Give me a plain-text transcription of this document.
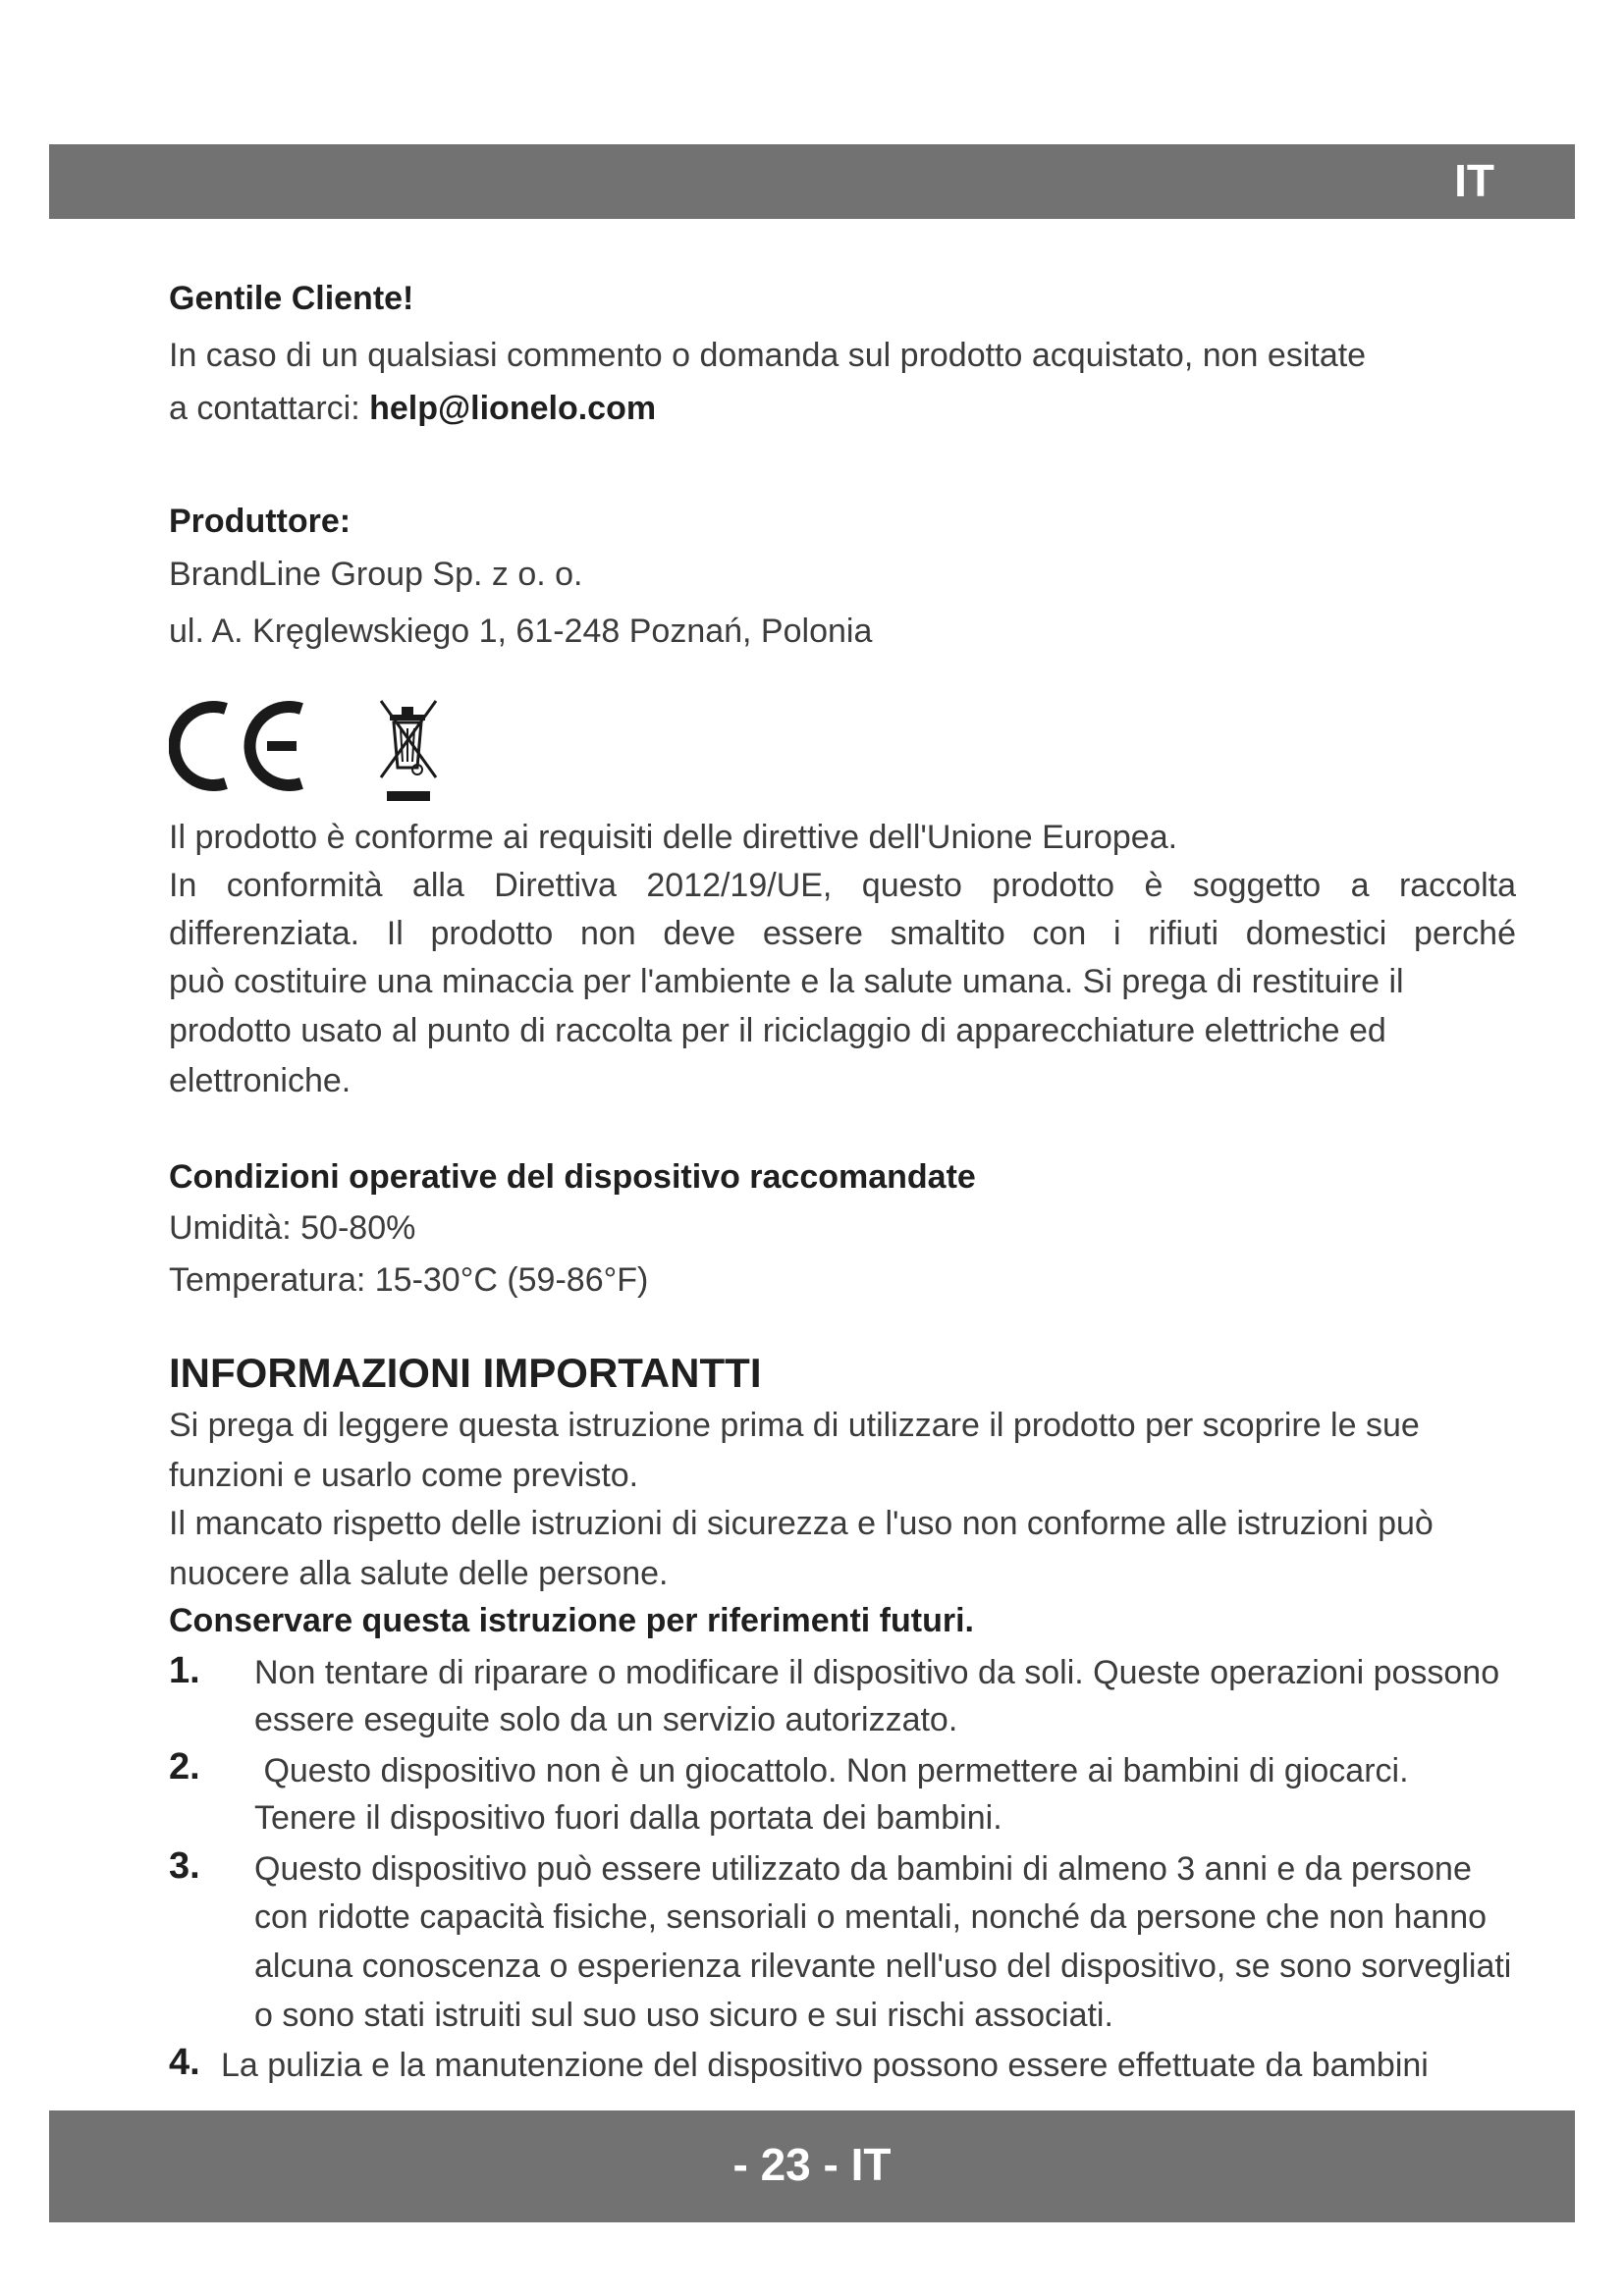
IT
Gentile Cliente!
In caso di un qualsiasi commento o domanda sul prodotto acquistato, non esitate
a contattarci: help@lionelo.com
Produttore:
BrandLine Group Sp. z o. o.
ul. A. Kręglewskiego 1, 61-248 Poznań, Polonia
Il prodotto è conforme ai requisiti delle direttive dell'Unione Europea.
In conformità alla Direttiva 2012/19/UE, questo prodotto è soggetto a raccolta
differenziata. Il prodotto non deve essere smaltito con i rifiuti domestici perché
può costituire una minaccia per l'ambiente e la salute umana. Si prega di restituire il
prodotto usato al punto di raccolta per il riciclaggio di apparecchiature elettriche ed
elettroniche.
Condizioni operative del dispositivo raccomandate
Umidità: 50-80%
Temperatura: 15-30°C (59-86°F)
INFORMAZIONI IMPORTANTTI
Si prega di leggere questa istruzione prima di utilizzare il prodotto per scoprire le sue
funzioni e usarlo come previsto.
Il mancato rispetto delle istruzioni di sicurezza e l'uso non conforme alle istruzioni può
nuocere alla salute delle persone.
Conservare questa istruzione per riferimenti futuri.
1. Non tentare di riparare o modificare il dispositivo da soli. Queste operazioni possono
essere eseguite solo da un servizio autorizzato.
2. Questo dispositivo non è un giocattolo. Non permettere ai bambini di giocarci.
Tenere il dispositivo fuori dalla portata dei bambini.
3. Questo dispositivo può essere utilizzato da bambini di almeno 3 anni e da persone
con ridotte capacità fisiche, sensoriali o mentali, nonché da persone che non hanno
alcuna conoscenza o esperienza rilevante nell'uso del dispositivo, se sono sorvegliati
o sono stati istruiti sul suo uso sicuro e sui rischi associati.
4. La pulizia e la manutenzione del dispositivo possono essere effettuate da bambini
- 23 - IT
